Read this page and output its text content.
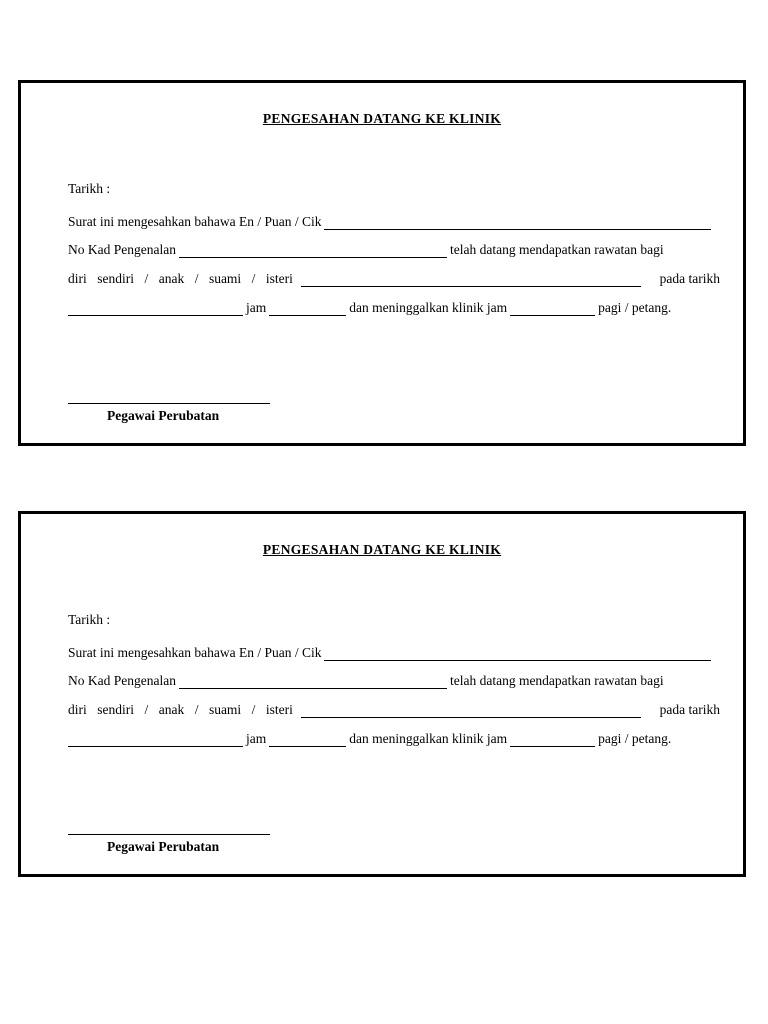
PENGESAHAN DATANG KE KLINIK
Tarikh :
Surat ini mengesahkan bahawa En / Puan / Cik
No Kad Pengenalan	telah datang mendapatkan rawatan bagi
diri sendiri / anak / suami / isteri	pada tarikh
jam	dan meninggalkan klinik jam	pagi / petang.
Pegawai Perubatan
PENGESAHAN DATANG KE KLINIK
Tarikh :
Surat ini mengesahkan bahawa En / Puan / Cik
No Kad Pengenalan	telah datang mendapatkan rawatan bagi
diri sendiri / anak / suami / isteri	pada tarikh
jam	dan meninggalkan klinik jam	pagi / petang.
Pegawai Perubatan
